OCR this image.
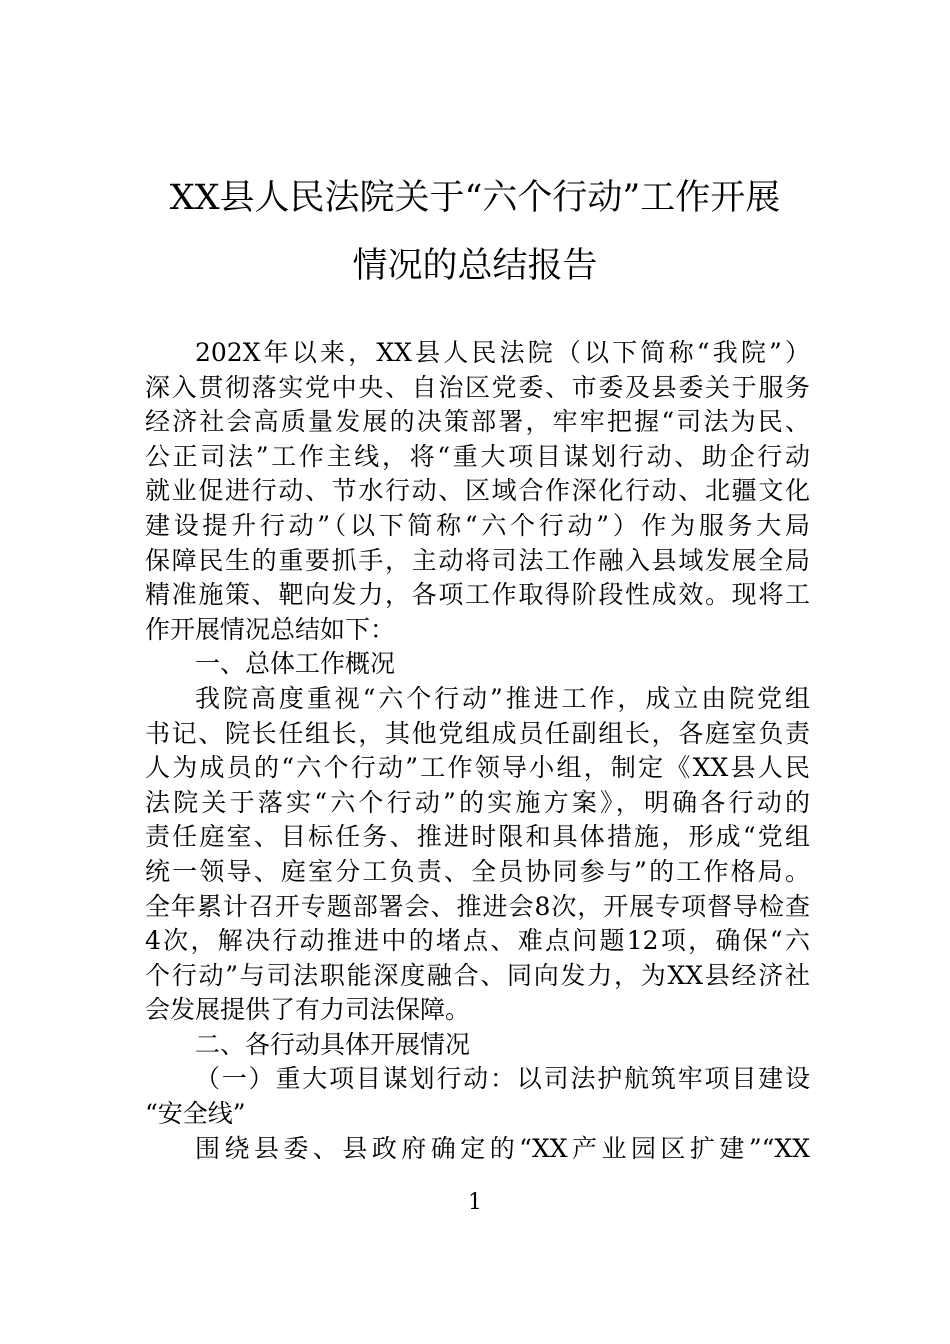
XX县人民法院关于“六个行动”工作开展
情况的总结报告
202X年以来，XX县人民法院（以下简称“我院”）
深入贯彻落实党中央、自治区党委、市委及县委关于服务
经济社会高质量发展的决策部署，牢牢把握“司法为民、
公正司法”工作主线，将“重大项目谋划行动、助企行动
就业促进行动、节水行动、区域合作深化行动、北疆文化
建设提升行动”（以下简称“六个行动”）作为服务大局
保障民生的重要抓手，主动将司法工作融入县域发展全局
精准施策、靶向发力，各项工作取得阶段性成效。现将工
作开展情况总结如下：
一、总体工作概况
我院高度重视“六个行动”推进工作，成立由院党组
书记、院长任组长，其他党组成员任副组长，各庭室负责
人为成员的“六个行动”工作领导小组，制定《XX县人民
法院关于落实“六个行动”的实施方案》，明确各行动的
责任庭室、目标任务、推进时限和具体措施，形成“党组
统一领导、庭室分工负责、全员协同参与”的工作格局。
全年累计召开专题部署会、推进会8次，开展专项督导检查
4次，解决行动推进中的堵点、难点问题12项，确保“六
个行动”与司法职能深度融合、同向发力，为XX县经济社
会发展提供了有力司法保障。
二、各行动具体开展情况
（一）重大项目谋划行动：以司法护航筑牢项目建设
“安全线”
围绕县委、县政府确定的“XX产业园区扩建”“XX
1
